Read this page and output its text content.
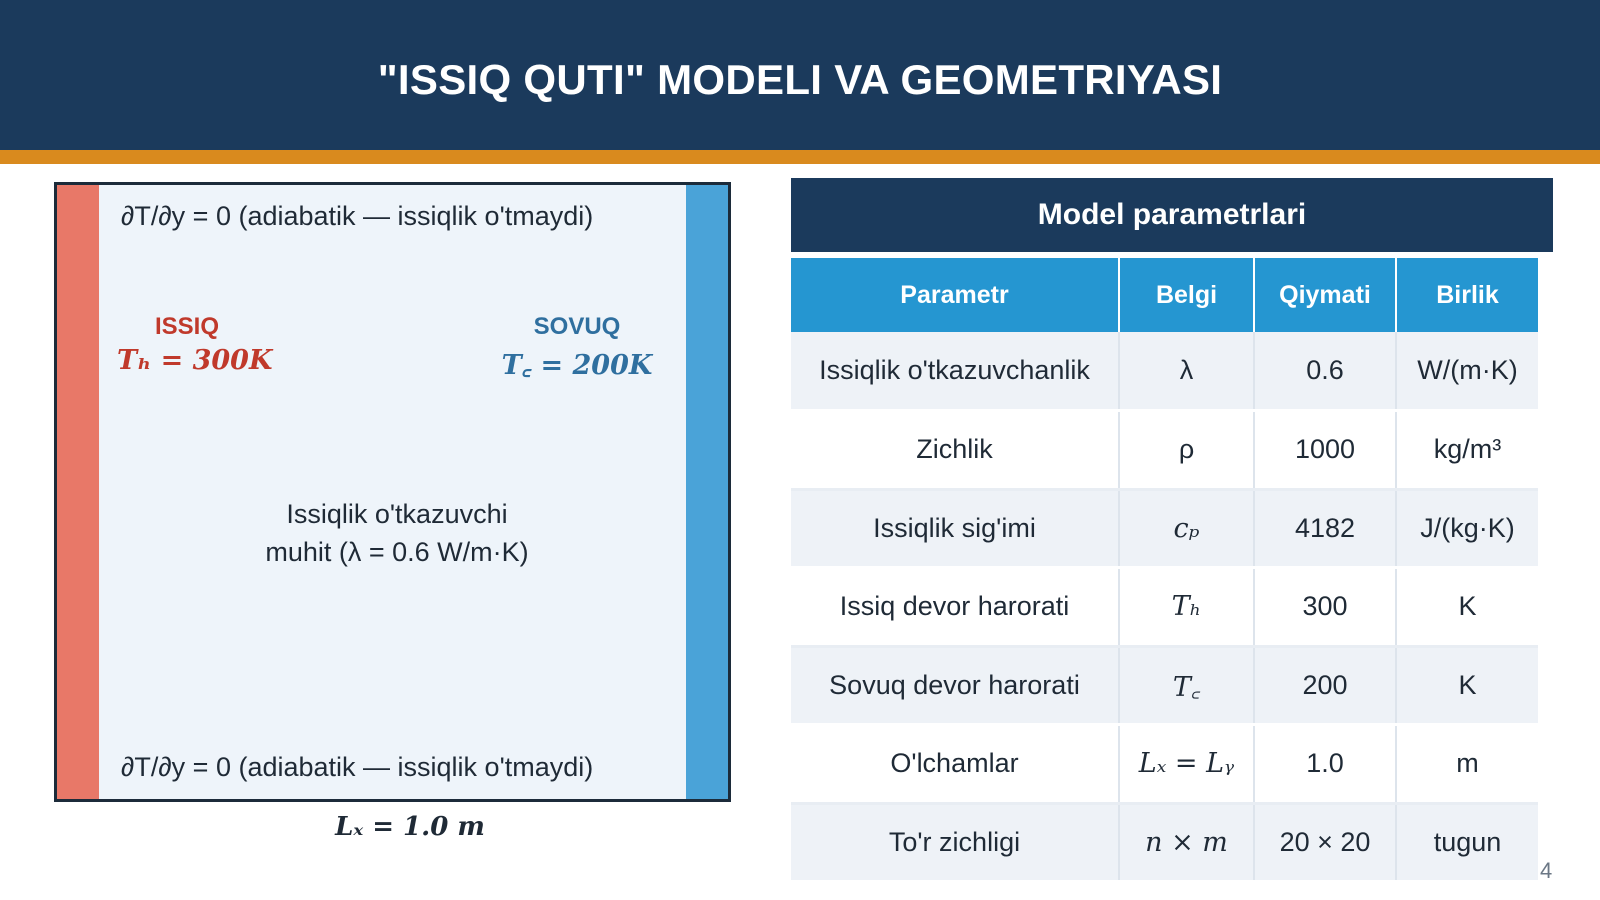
"ISSIQ QUTI" MODELI VA GEOMETRIYASI
∂T/∂y = 0 (adiabatik — issiqlik o'tmaydi)
ISSIQ
Tₕ = 300K
SOVUQ
T꜀ = 200K
Issiqlik o'tkazuvchi
muhit (λ = 0.6 W/m·K)
∂T/∂y = 0 (adiabatik — issiqlik o'tmaydi)
Lₓ = 1.0 m
Model parametrlari
Parametr	Belgi	Qiymati	Birlik
Issiqlik o'tkazuvchanlik	λ	0.6	W/(m·K)
Zichlik	ρ	1000	kg/m³
Issiqlik sig'imi	cₚ	4182	J/(kg·K)
Issiq devor harorati	Tₕ	300	K
Sovuq devor harorati	T꜀	200	K
O'lchamlar	Lₓ = Lᵧ	1.0	m
To'r zichligi	n × m	20 × 20	tugun
4
